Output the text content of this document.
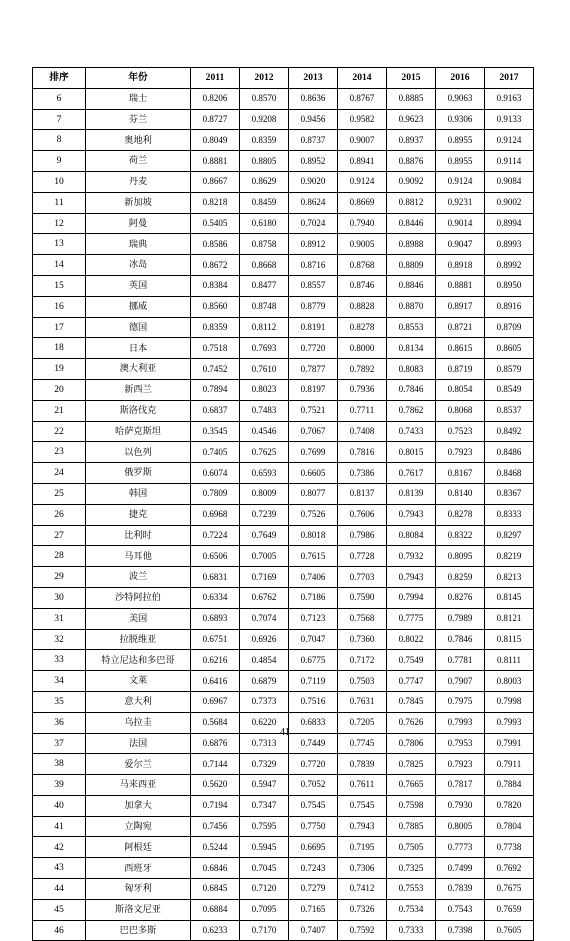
排序	年份	2011	2012	2013	2014	2015	2016	2017
6	瑞士	0.8206	0.8570	0.8636	0.8767	0.8885	0.9063	0.9163
7	芬兰	0.8727	0.9208	0.9456	0.9582	0.9623	0.9306	0.9133
8	奥地利	0.8049	0.8359	0.8737	0.9007	0.8937	0.8955	0.9124
9	荷兰	0.8881	0.8805	0.8952	0.8941	0.8876	0.8955	0.9114
10	丹麦	0.8667	0.8629	0.9020	0.9124	0.9092	0.9124	0.9084
11	新加坡	0.8218	0.8459	0.8624	0.8669	0.8812	0.9231	0.9002
12	阿曼	0.5405	0.6180	0.7024	0.7940	0.8446	0.9014	0.8994
13	瑞典	0.8586	0.8758	0.8912	0.9005	0.8988	0.9047	0.8993
14	冰岛	0.8672	0.8668	0.8716	0.8768	0.8809	0.8918	0.8992
15	英国	0.8384	0.8477	0.8557	0.8746	0.8846	0.8881	0.8950
16	挪威	0.8560	0.8748	0.8779	0.8828	0.8870	0.8917	0.8916
17	德国	0.8359	0.8112	0.8191	0.8278	0.8553	0.8721	0.8709
18	日本	0.7518	0.7693	0.7720	0.8000	0.8134	0.8615	0.8605
19	澳大利亚	0.7452	0.7610	0.7877	0.7892	0.8083	0.8719	0.8579
20	新西兰	0.7894	0.8023	0.8197	0.7936	0.7846	0.8054	0.8549
21	斯洛伐克	0.6837	0.7483	0.7521	0.7711	0.7862	0.8068	0.8537
22	哈萨克斯坦	0.3545	0.4546	0.7067	0.7408	0.7433	0.7523	0.8492
23	以色列	0.7405	0.7625	0.7699	0.7816	0.8015	0.7923	0.8486
24	俄罗斯	0.6074	0.6593	0.6605	0.7386	0.7617	0.8167	0.8468
25	韩国	0.7809	0.8009	0.8077	0.8137	0.8139	0.8140	0.8367
26	捷克	0.6968	0.7239	0.7526	0.7606	0.7943	0.8278	0.8333
27	比利时	0.7224	0.7649	0.8018	0.7986	0.8084	0.8322	0.8297
28	马耳他	0.6506	0.7005	0.7615	0.7728	0.7932	0.8095	0.8219
29	波兰	0.6831	0.7169	0.7406	0.7703	0.7943	0.8259	0.8213
30	沙特阿拉伯	0.6334	0.6762	0.7186	0.7590	0.7994	0.8276	0.8145
31	美国	0.6893	0.7074	0.7123	0.7568	0.7775	0.7989	0.8121
32	拉脱维亚	0.6751	0.6926	0.7047	0.7360	0.8022	0.7846	0.8115
33	特立尼达和多巴哥	0.6216	0.4854	0.6775	0.7172	0.7549	0.7781	0.8111
34	文莱	0.6416	0.6879	0.7119	0.7503	0.7747	0.7907	0.8003
35	意大利	0.6967	0.7373	0.7516	0.7631	0.7845	0.7975	0.7998
36	乌拉圭	0.5684	0.6220	0.6833	0.7205	0.7626	0.7993	0.7993
37	法国	0.6876	0.7313	0.7449	0.7745	0.7806	0.7953	0.7991
38	爱尔兰	0.7144	0.7329	0.7720	0.7839	0.7825	0.7923	0.7911
39	马来西亚	0.5620	0.5947	0.7052	0.7611	0.7665	0.7817	0.7884
40	加拿大	0.7194	0.7347	0.7545	0.7545	0.7598	0.7930	0.7820
41	立陶宛	0.7456	0.7595	0.7750	0.7943	0.7885	0.8005	0.7804
42	阿根廷	0.5244	0.5945	0.6695	0.7195	0.7505	0.7773	0.7738
43	西班牙	0.6846	0.7045	0.7243	0.7306	0.7325	0.7499	0.7692
44	匈牙利	0.6845	0.7120	0.7279	0.7412	0.7553	0.7839	0.7675
45	斯洛文尼亚	0.6884	0.7095	0.7165	0.7326	0.7534	0.7543	0.7659
46	巴巴多斯	0.6233	0.7170	0.7407	0.7592	0.7333	0.7398	0.7605
41
